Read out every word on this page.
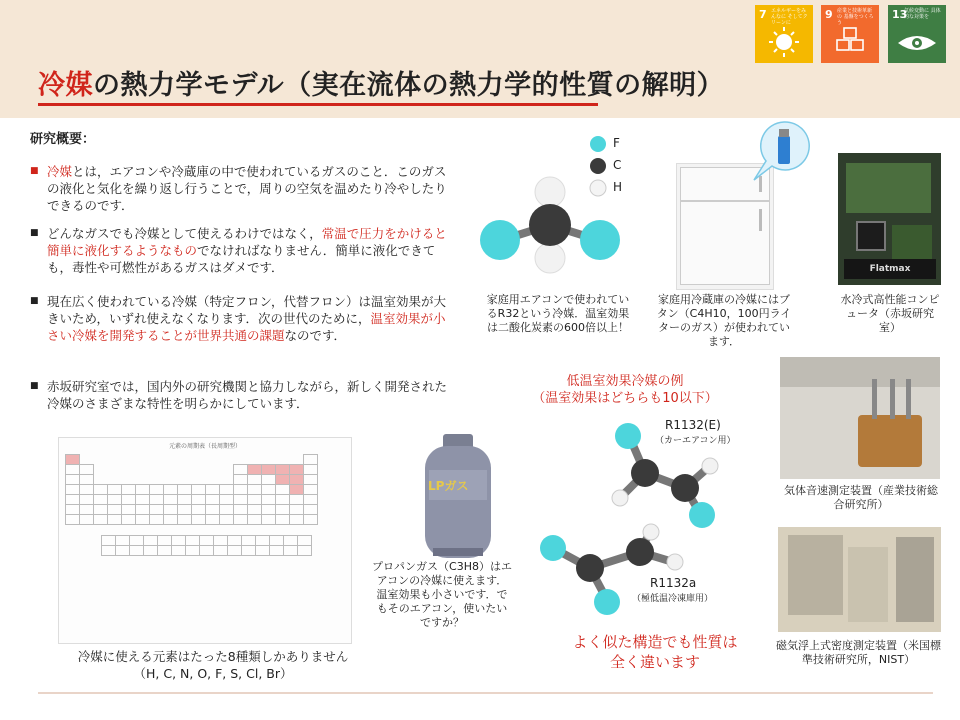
7 エネルギーをみんなに そしてクリーンに
9 産業と技術革新の 基盤をつくろう
13
気候変動に 具体的な対策を
冷媒の熱力学モデル（実在流体の熱力学的性質の解明）
研究概要：
■ 冷媒とは，エアコンや冷蔵庫の中で使われているガスのこと．このガスの液化と気化を繰り返し行うことで，周りの空気を温めたり冷やしたりできるのです．
■ どんなガスでも冷媒として使えるわけではなく，常温で圧力をかけると簡単に液化するようなものでなければなりません．簡単に液化できても，毒性や可燃性があるガスはダメです．
■ 現在広く使われている冷媒（特定フロン，代替フロン）は温室効果が大きいため，いずれ使えなくなります．次の世代のために，温室効果が小さい冷媒を開発することが世界共通の課題なのです．
■ 赤坂研究室では，国内外の研究機関と協力しながら，新しく開発された冷媒のさまざまな特性を明らかにしています．
F
C
H
家庭用エアコンで使われているR32という冷媒．温室効果は二酸化炭素の600倍以上！
家庭用冷蔵庫の冷媒にはブタン（C4H10，100円ライターのガス）が使われています．
Flatmax
水冷式高性能コンピュータ（赤坂研究室）
低温室効果冷媒の例
（温室効果はどちらも10以下）
R1132(E)
（カーエアコン用）
R1132a
（極低温冷凍庫用）
よく似た構造でも性質は
全く違います
気体音速測定装置（産業技術総合研究所）
磁気浮上式密度測定装置（米国標準技術研究所，NIST）
元素の周期表（長周期型）

LPガス
プロパンガス（C3H8）はエアコンの冷媒に使えます．温室効果も小さいです．でもそのエアコン，使いたいですか？
冷媒に使える元素はたった8種類しかありません
（H, C, N, O, F, S, Cl, Br）
